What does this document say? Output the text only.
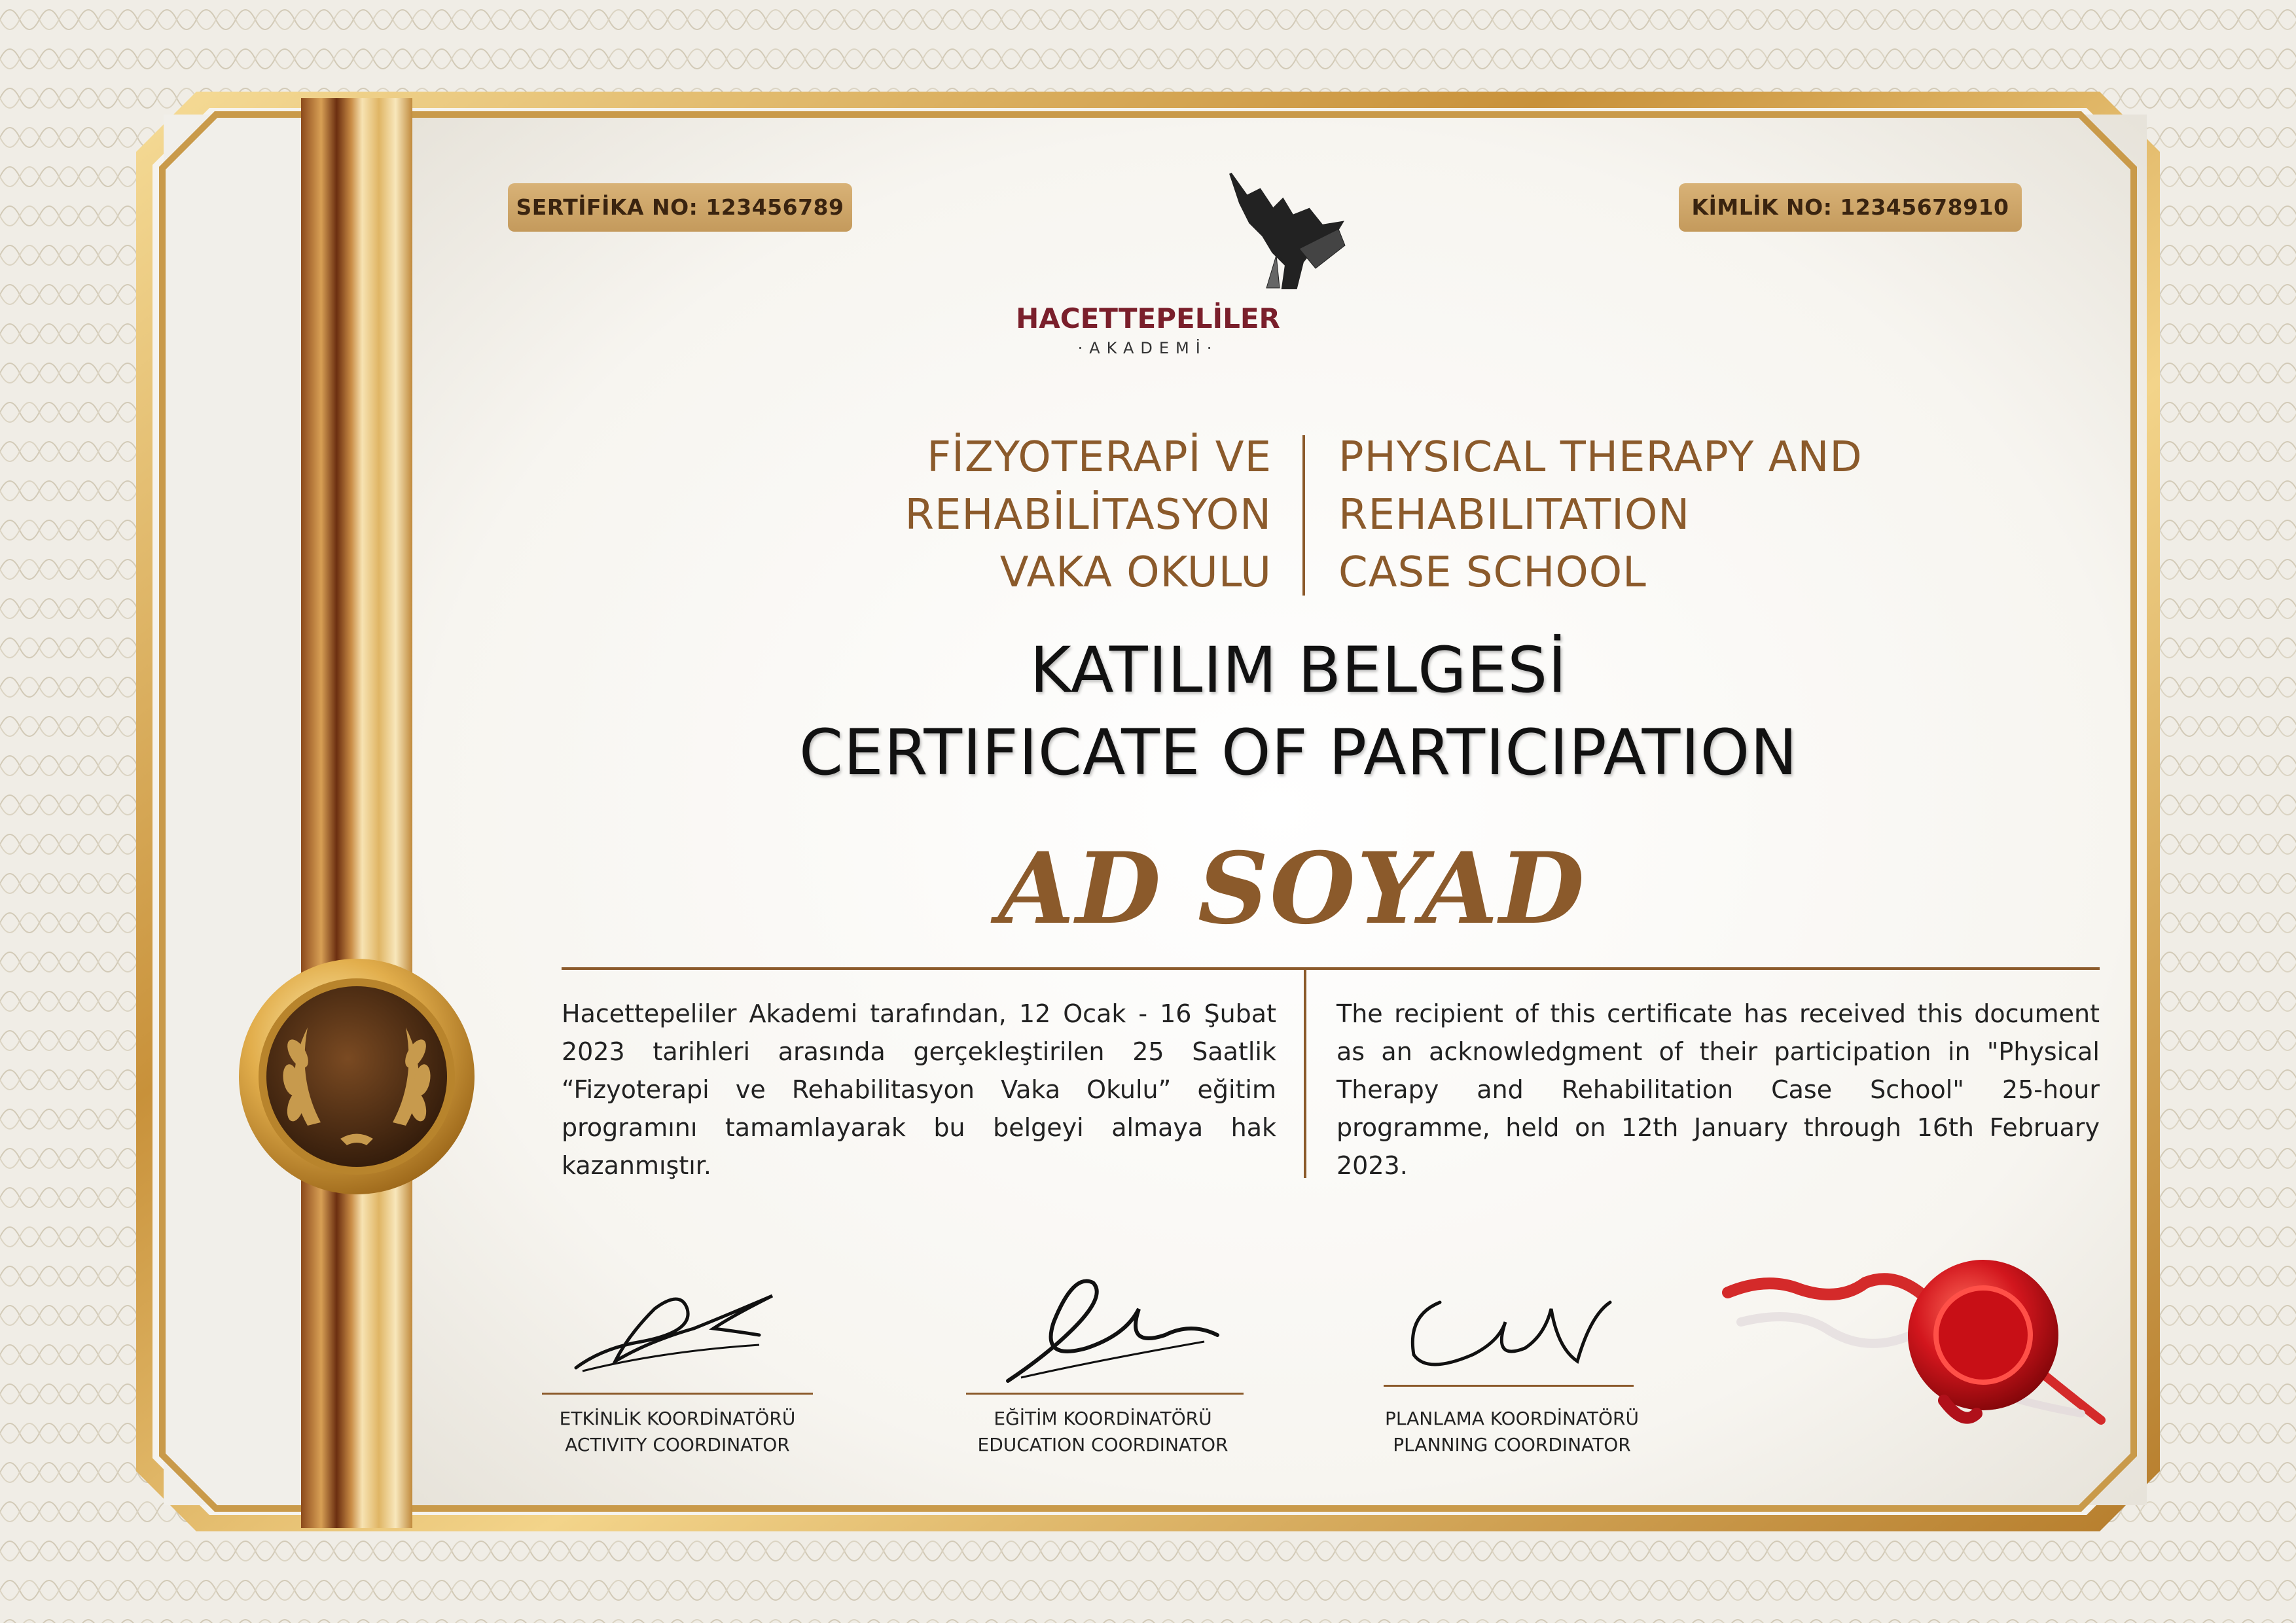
SERTİFİKA NO: 123456789	KİMLİK NO: 12345678910
HACETTEPELİLER
·AKADEMİ·
FİZYOTERAPİ VE
REHABİLİTASYON
VAKA OKULU
PHYSICAL THERAPY AND
REHABILITATION
CASE SCHOOL
KATILIM BELGESİ
CERTIFICATE OF PARTICIPATION
AD SOYAD

Hacettepeliler Akademi tarafından, 12 Ocak - 16 Şubat 2023 tarihleri arasında gerçekleştirilen 25 Saatlik “Fizyoterapi ve Rehabilitasyon Vaka Okulu” eğitim programını tamamlayarak bu belgeyi almaya hak kazanmıştır.

The recipient of this certificate has received this document as an acknowledgment of their participation in "Physical Therapy and Rehabilitation Case School" 25-hour programme, held on 12th January through 16th February 2023.

ETKİNLİK KOORDİNATÖRÜ
ACTIVITY COORDINATOR
EĞİTİM KOORDİNATÖRÜ
EDUCATION COORDINATOR
PLANLAMA KOORDİNATÖRÜ
PLANNING COORDINATOR
